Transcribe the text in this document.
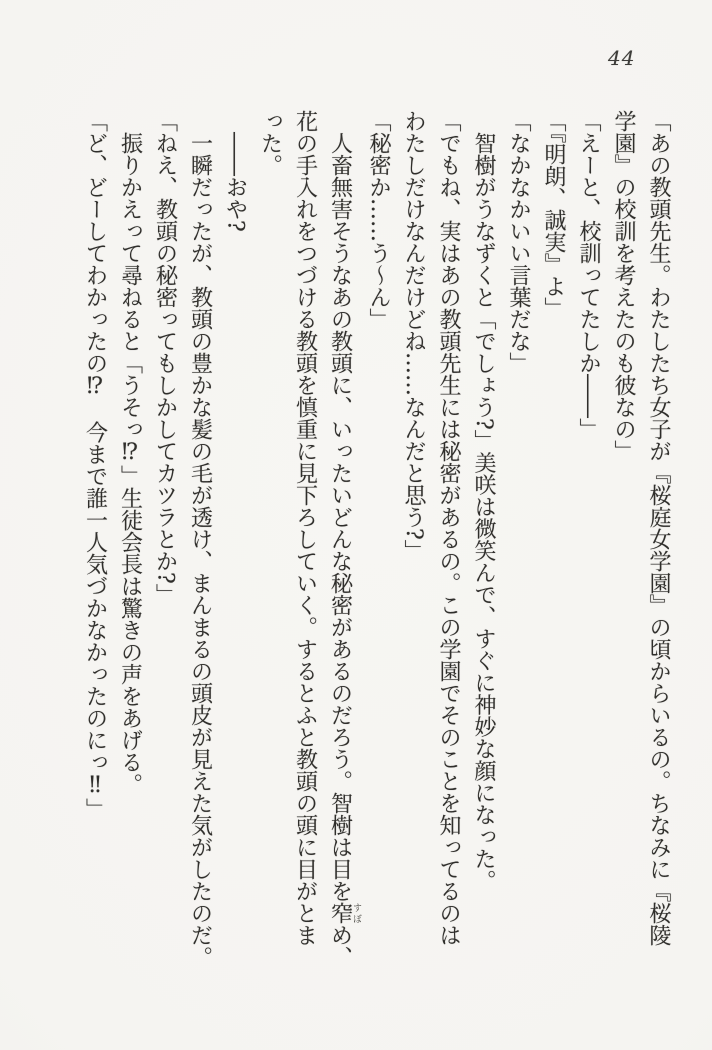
44

「あの教頭先生。わたしたち女子が『桜庭女学園』の頃からいるの。ちなみに『桜陵

学園』の校訓を考えたのも彼なの」

「えーと、校訓ってたしか――」

「『明朗、誠実』よ」

「なかなかいい言葉だな」

　智樹がうなずくと「でしょう?」美咲は微笑んで、すぐに神妙な顔になった。

「でもね、実はあの教頭先生には秘密があるの。この学園でそのことを知ってるのは

わたしだけなんだけどね……なんだと思う?」

「秘密か……う〜ん」

　人畜無害そうなあの教頭に、いったいどんな秘密があるのだろう。智樹は目を窄すぼめ、

花の手入れをつづける教頭を慎重に見下ろしていく。するとふと教頭の頭に目がとま

った。

　――おや?

　一瞬だったが、教頭の豊かな髪の毛が透け、まんまるの頭皮が見えた気がしたのだ。

「ねえ、教頭の秘密ってもしかしてカツラとか?」

　振りかえって尋ねると「うそっ⁉」生徒会長は驚きの声をあげる。

「ど、どーしてわかったの⁉　今まで誰一人気づかなかったのにっ‼」
